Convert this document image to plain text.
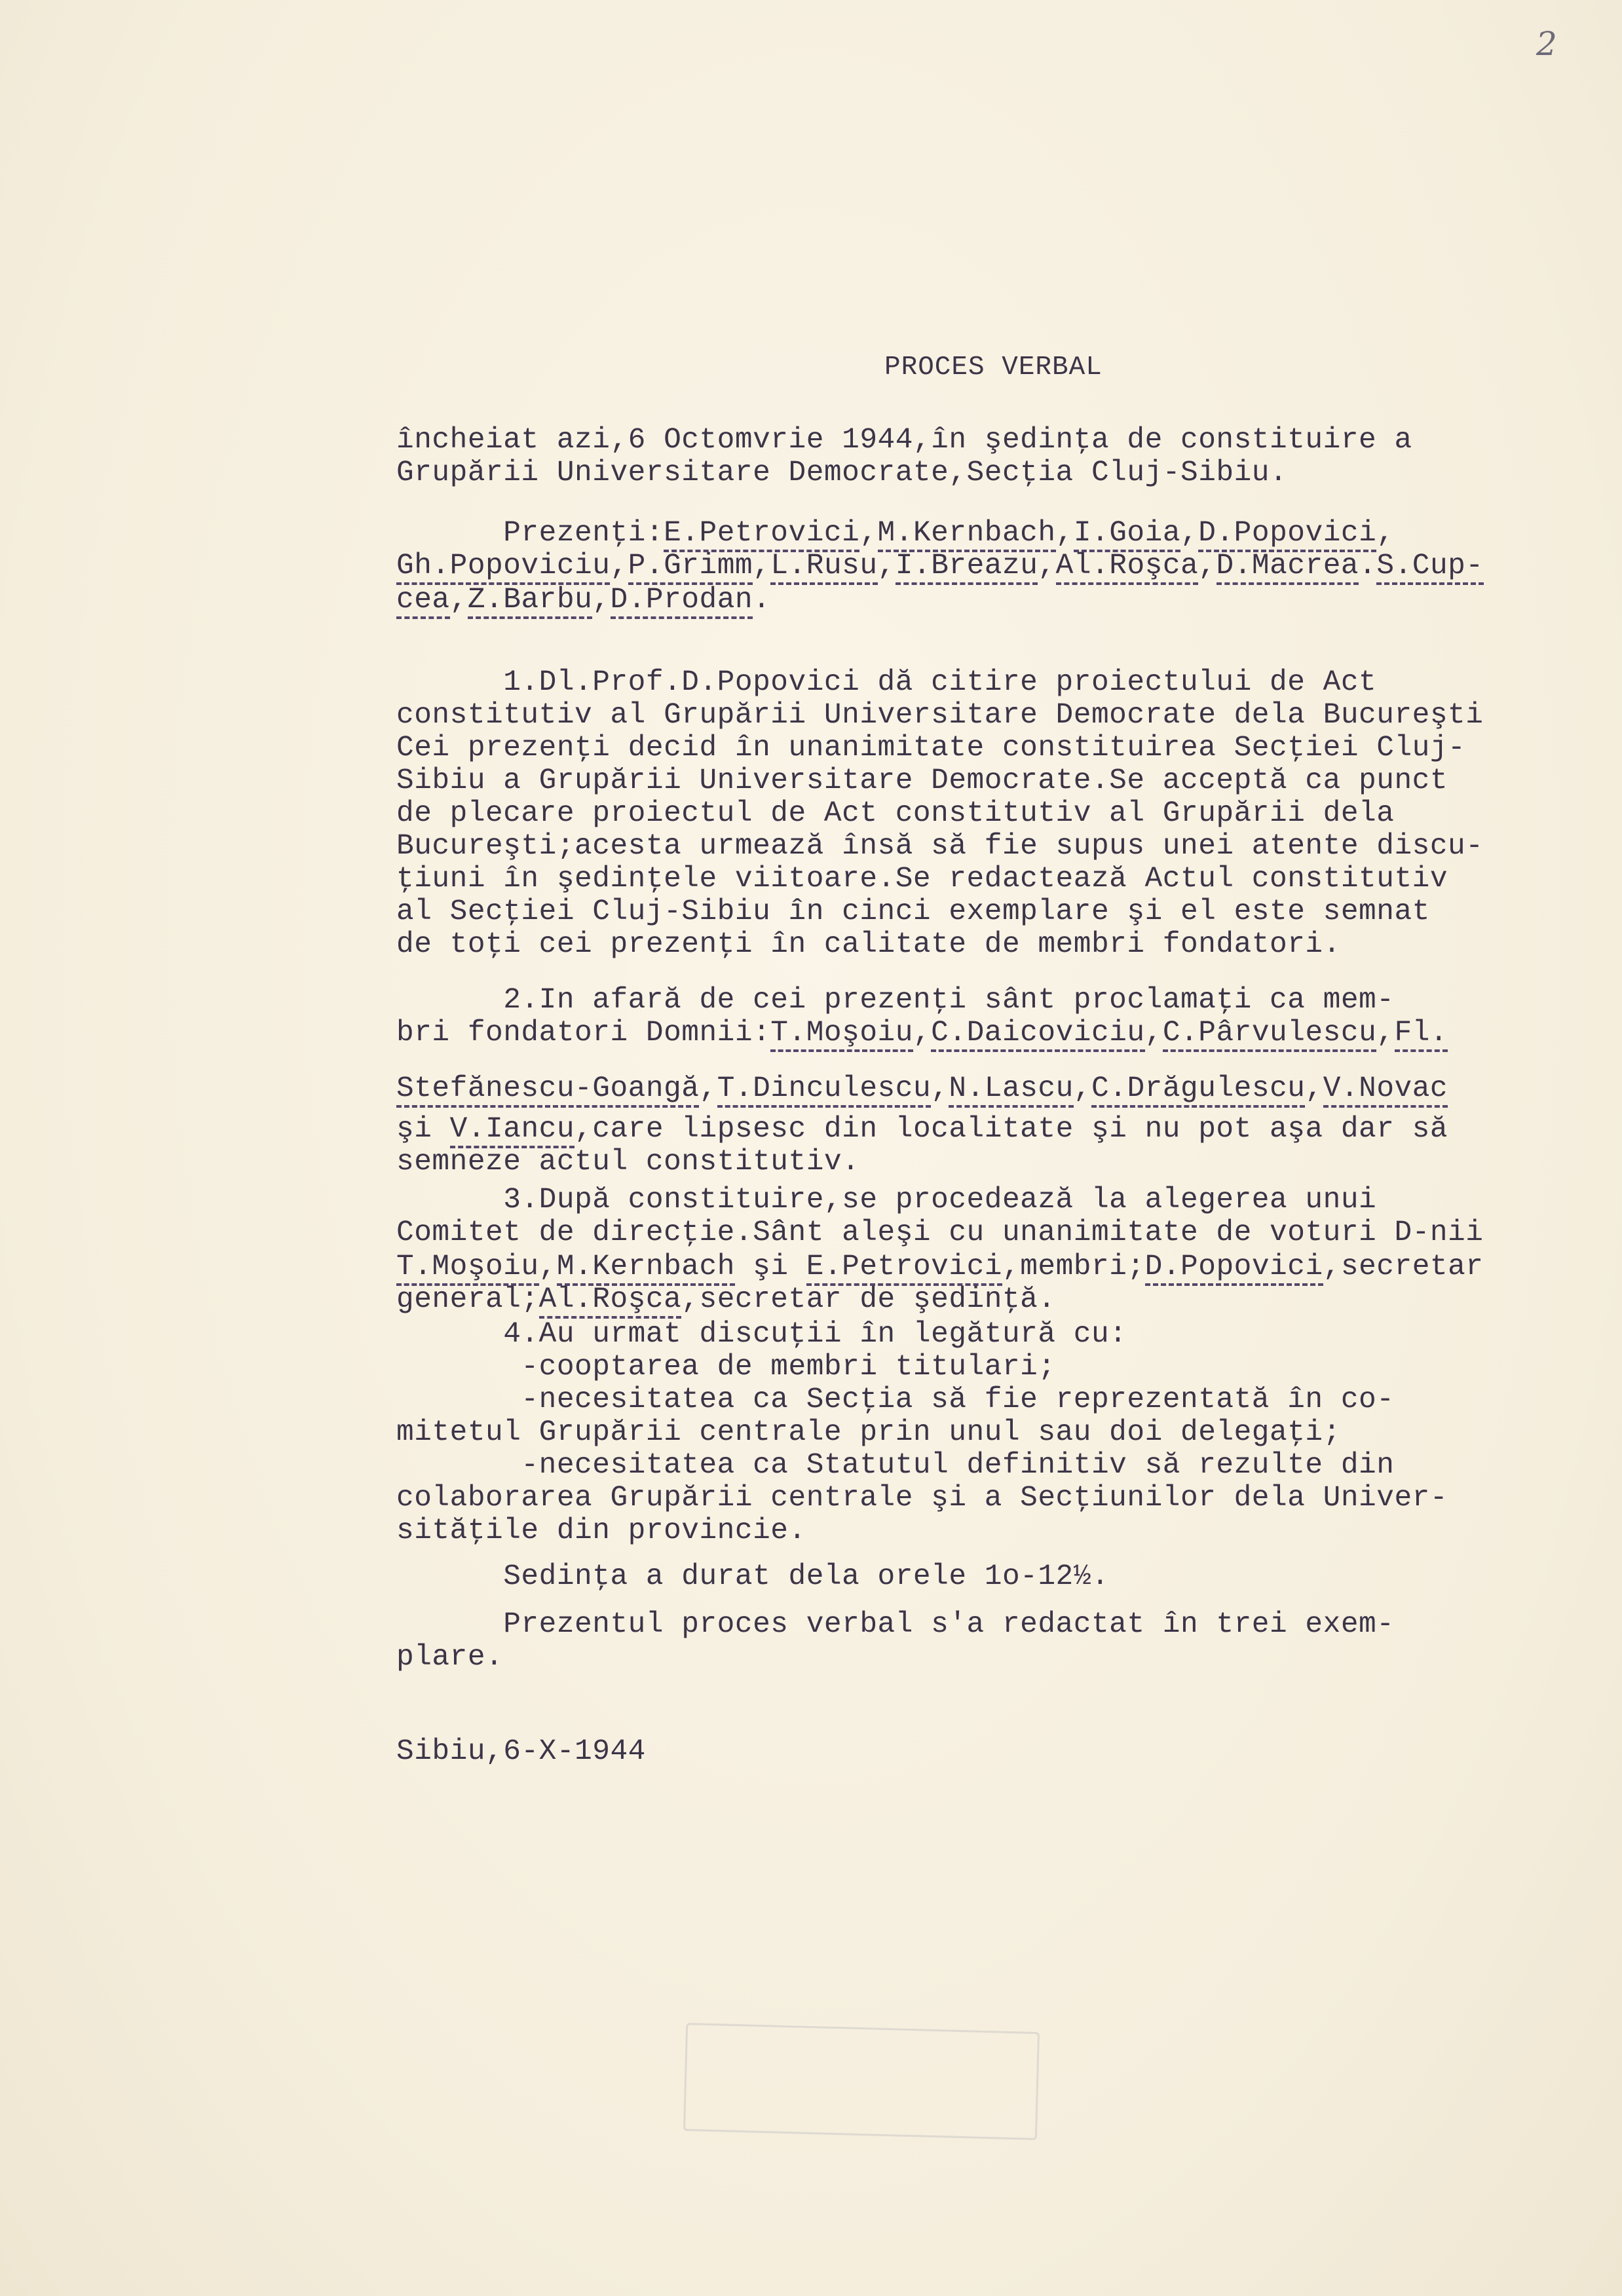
2
PROCES VERBAL
încheiat azi,6 Octomvrie 1944,în şedinţa de constituire a
Grupării Universitare Democrate,Secţia Cluj-Sibiu.
Prezenţi:E.Petrovici,M.Kernbach,I.Goia,D.Popovici,
Gh.Popoviciu,P.Grimm,L.Rusu,I.Breazu,Al.Roşca,D.Macrea.S.Cup-
cea,Z.Barbu,D.Prodan.
1.Dl.Prof.D.Popovici dă citire proiectului de Act
constitutiv al Grupării Universitare Democrate dela Bucureşti
Cei prezenţi decid în unanimitate constituirea Secţiei Cluj-
Sibiu a Grupării Universitare Democrate.Se acceptă ca punct
de plecare proiectul de Act constitutiv al Grupării dela
Bucureşti;acesta urmează însă să fie supus unei atente discu-
ţiuni în şedinţele viitoare.Se redactează Actul constitutiv
al Secţiei Cluj-Sibiu în cinci exemplare şi el este semnat
de toţi cei prezenţi în calitate de membri fondatori.
2.In afară de cei prezenţi sânt proclamaţi ca mem-
bri fondatori Domnii:T.Moşoiu,C.Daicoviciu,C.Pârvulescu,Fl.
Stefănescu-Goangă,T.Dinculescu,N.Lascu,C.Drăgulescu,V.Novac
şi V.Iancu,care lipsesc din localitate şi nu pot aşa dar să
semneze actul constitutiv.
3.După constituire,se procedează la alegerea unui
Comitet de direcţie.Sânt aleşi cu unanimitate de voturi D-nii
T.Moşoiu,M.Kernbach şi E.Petrovici,membri;D.Popovici,secretar
general;Al.Roşca,secretar de şedinţă.
4.Au urmat discuţii în legătură cu:
-cooptarea de membri titulari;
-necesitatea ca Secţia să fie reprezentată în co-
mitetul Grupării centrale prin unul sau doi delegaţi;
-necesitatea ca Statutul definitiv să rezulte din
colaborarea Grupării centrale şi a Secţiunilor dela Univer-
sităţile din provincie.
Sedinţa a durat dela orele 1o-12½.
Prezentul proces verbal s'a redactat în trei exem-
plare.
Sibiu,6-X-1944
